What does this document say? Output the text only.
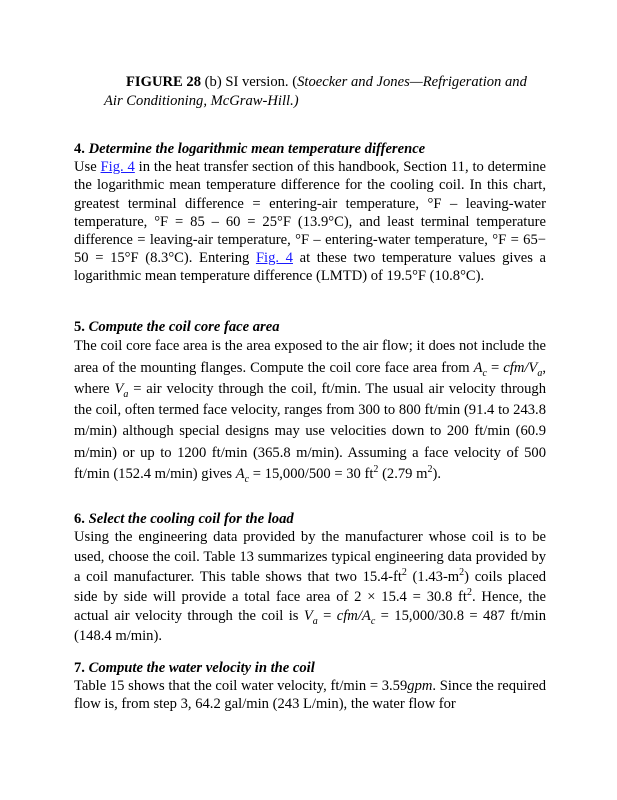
FIGURE 28 (b) SI version. (Stoecker and Jones—Refrigeration and Air Conditioning, McGraw-Hill.)
4. Determine the logarithmic mean temperature difference

Use Fig. 4 in the heat transfer section of this handbook, Section 11, to determine the logarithmic mean temperature difference for the cooling coil. In this chart, greatest terminal difference = entering-air temperature, °F – leaving-water temperature, °F = 85 – 60 = 25°F (13.9°C), and least terminal temperature difference = leaving-air temperature, °F – entering-water temperature, °F = 65− 50 = 15°F (8.3°C). Entering Fig. 4 at these two temperature values gives a logarithmic mean temperature difference (LMTD) of 19.5°F (10.8°C).

5. Compute the coil core face area

The coil core face area is the area exposed to the air flow; it does not include the area of the mounting flanges. Compute the coil core face area from $A_c = cfm/V_a$, where $V_a$ = air velocity through the coil, ft/min. The usual air velocity through the coil, often termed face velocity, ranges from 300 to 800 ft/min (91.4 to 243.8 m/min) although special designs may use velocities down to 200 ft/min (60.9 m/min) or up to 1200 ft/min (365.8 m/min). Assuming a face velocity of 500 ft/min (152.4 m/min) gives $A_c = 15,000/500 = 30$ $ft^2$ (2.79 $m^2$).

6. Select the cooling coil for the load

Using the engineering data provided by the manufacturer whose coil is to be used, choose the coil. Table 13 summarizes typical engineering data provided by a coil manufacturer. This table shows that two $15.4-ft^2$ $(1.43-m^2)$ coils placed side by side will provide a total face area of 2 × 15.4 = 30.8 $ft^2$. Hence, the actual air velocity through the coil is $V_a = cfm/A_c = 15,000/30.8 = 487$ ft/min (148.4 m/min).

7. Compute the water velocity in the coil

Table 15 shows that the coil water velocity, ft/min = 3.59gpm. Since the required flow is, from step 3, 64.2 gal/min (243 L/min), the water flow for
